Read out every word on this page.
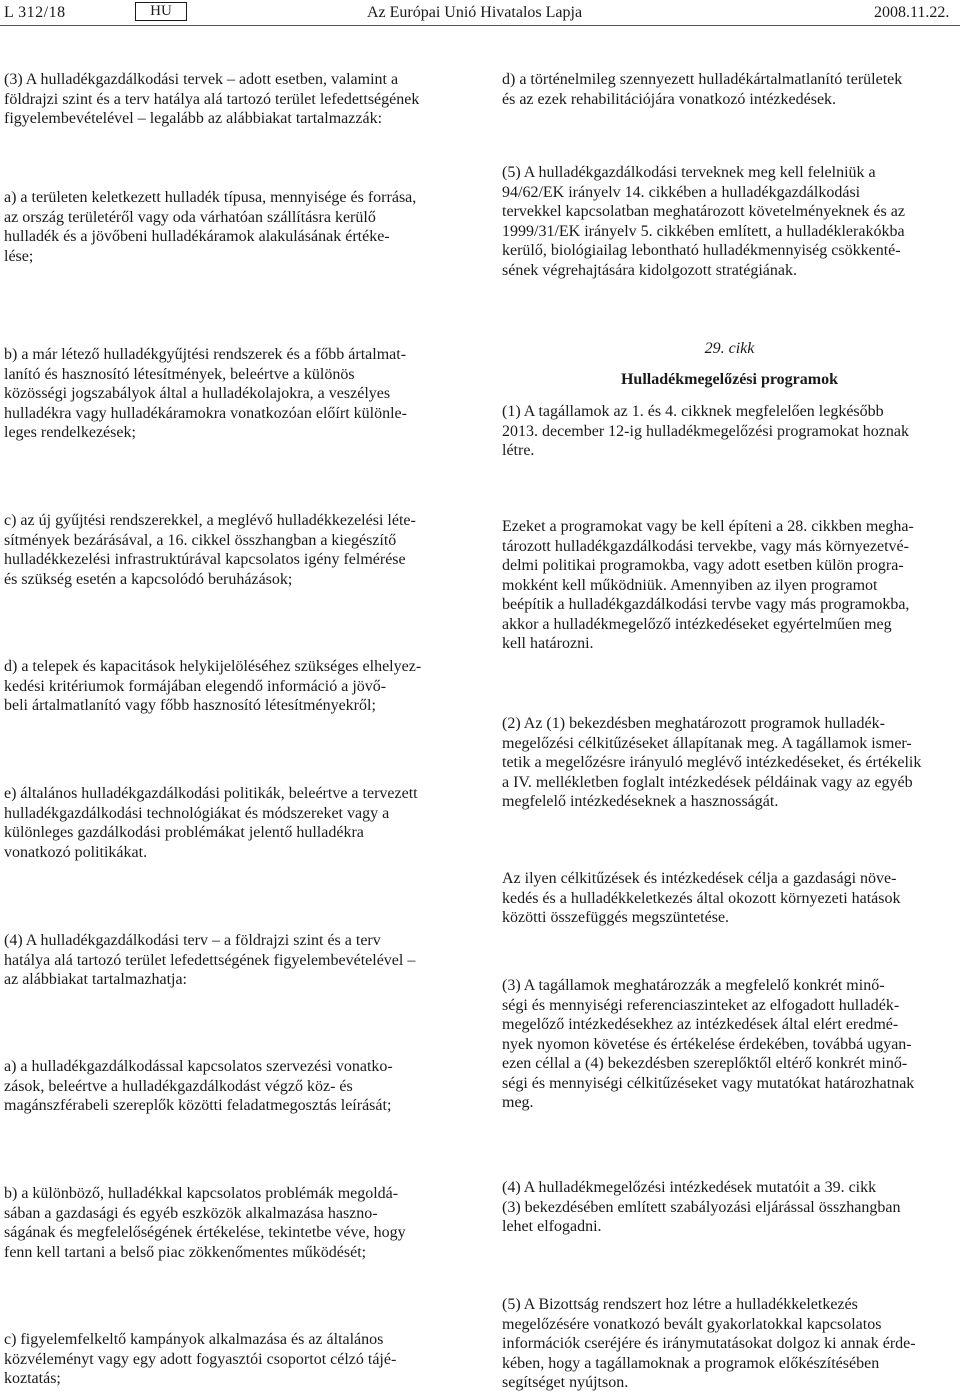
L 312/18	HU	Az Európai Unió Hivatalos Lapja	2008.11.22.

(3) A hulladékgazdálkodási tervek – adott esetben, valamint a
földrajzi szint és a terv hatálya alá tartozó terület lefedettségének
figyelembevételével – legalább az alábbiakat tartalmazzák:

a) a területen keletkezett hulladék típusa, mennyisége és forrása,
az ország területéről vagy oda várhatóan szállításra kerülő
hulladék és a jövőbeni hulladékáramok alakulásának értéke-
lése;

b) a már létező hulladékgyűjtési rendszerek és a főbb ártalmat-
lanító és hasznosító létesítmények, beleértve a különös
közösségi jogszabályok által a hulladékolajokra, a veszélyes
hulladékra vagy hulladékáramokra vonatkozóan előírt különle-
leges rendelkezések;

c) az új gyűjtési rendszerekkel, a meglévő hulladékkezelési léte-
sítmények bezárásával, a 16. cikkel összhangban a kiegészítő
hulladékkezelési infrastruktúrával kapcsolatos igény felmérése
és szükség esetén a kapcsolódó beruházások;

d) a telepek és kapacitások helykijelöléséhez szükséges elhelyez-
kedési kritériumok formájában elegendő információ a jövő-
beli ártalmatlanító vagy főbb hasznosító létesítményekről;

e) általános hulladékgazdálkodási politikák, beleértve a tervezett
hulladékgazdálkodási technológiákat és módszereket vagy a
különleges gazdálkodási problémákat jelentő hulladékra
vonatkozó politikákat.

(4) A hulladékgazdálkodási terv – a földrajzi szint és a terv
hatálya alá tartozó terület lefedettségének figyelembevételével –
az alábbiakat tartalmazhatja:

a) a hulladékgazdálkodással kapcsolatos szervezési vonatko-
zások, beleértve a hulladékgazdálkodást végző köz- és
magánszférabeli szereplők közötti feladatmegosztás leírását;

b) a különböző, hulladékkal kapcsolatos problémák megoldá-
sában a gazdasági és egyéb eszközök alkalmazása haszno-
ságának és megfelelőségének értékelése, tekintetbe véve, hogy
fenn kell tartani a belső piac zökkenőmentes működését;

c) figyelemfelkeltő kampányok alkalmazása és az általános
közvéleményt vagy egy adott fogyasztói csoportot célzó tájé-
koztatás;

d) a történelmileg szennyezett hulladékártalmatlanító területek
és az ezek rehabilitációjára vonatkozó intézkedések.

(5) A hulladékgazdálkodási terveknek meg kell felelniük a
94/62/EK irányelv 14. cikkében a hulladékgazdálkodási
tervekkel kapcsolatban meghatározott követelményeknek és az
1999/31/EK irányelv 5. cikkében említett, a hulladéklerakókba
kerülő, biológiailag lebontható hulladékmennyiség csökkenté-
sének végrehajtására kidolgozott stratégiának.

29. cikk

Hulladékmegelőzési programok

(1) A tagállamok az 1. és 4. cikknek megfelelően legkésőbb
2013. december 12-ig hulladékmegelőzési programokat hoznak
létre.

Ezeket a programokat vagy be kell építeni a 28. cikkben megha-
tározott hulladékgazdálkodási tervekbe, vagy más környezetvé-
delmi politikai programokba, vagy adott esetben külön progra-
mokként kell működniük. Amennyiben az ilyen programot
beépítik a hulladékgazdálkodási tervbe vagy más programokba,
akkor a hulladékmegelőző intézkedéseket egyértelműen meg
kell határozni.

(2) Az (1) bekezdésben meghatározott programok hulladék-
megelőzési célkitűzéseket állapítanak meg. A tagállamok ismer-
tetik a megelőzésre irányuló meglévő intézkedéseket, és értékelik
a IV. mellékletben foglalt intézkedések példáinak vagy az egyéb
megfelelő intézkedéseknek a hasznosságát.

Az ilyen célkitűzések és intézkedések célja a gazdasági növe-
kedés és a hulladékkeletkezés által okozott környezeti hatások
közötti összefüggés megszüntetése.

(3) A tagállamok meghatározzák a megfelelő konkrét minő-
ségi és mennyiségi referenciaszinteket az elfogadott hulladék-
megelőző intézkedésekhez az intézkedések által elért eredmé-
nyek nyomon követése és értékelése érdekében, továbbá ugyan-
ezen céllal a (4) bekezdésben szereplőktől eltérő konkrét minő-
ségi és mennyiségi célkitűzéseket vagy mutatókat határozhatnak
meg.

(4) A hulladékmegelőzési intézkedések mutatóit a 39. cikk
(3) bekezdésében említett szabályozási eljárással összhangban
lehet elfogadni.

(5) A Bizottság rendszert hoz létre a hulladékkeletkezés
megelőzésére vonatkozó bevált gyakorlatokkal kapcsolatos
információk cseréjére és iránymutatásokat dolgoz ki annak érde-
kében, hogy a tagállamoknak a programok előkészítésében
segítséget nyújtson.
